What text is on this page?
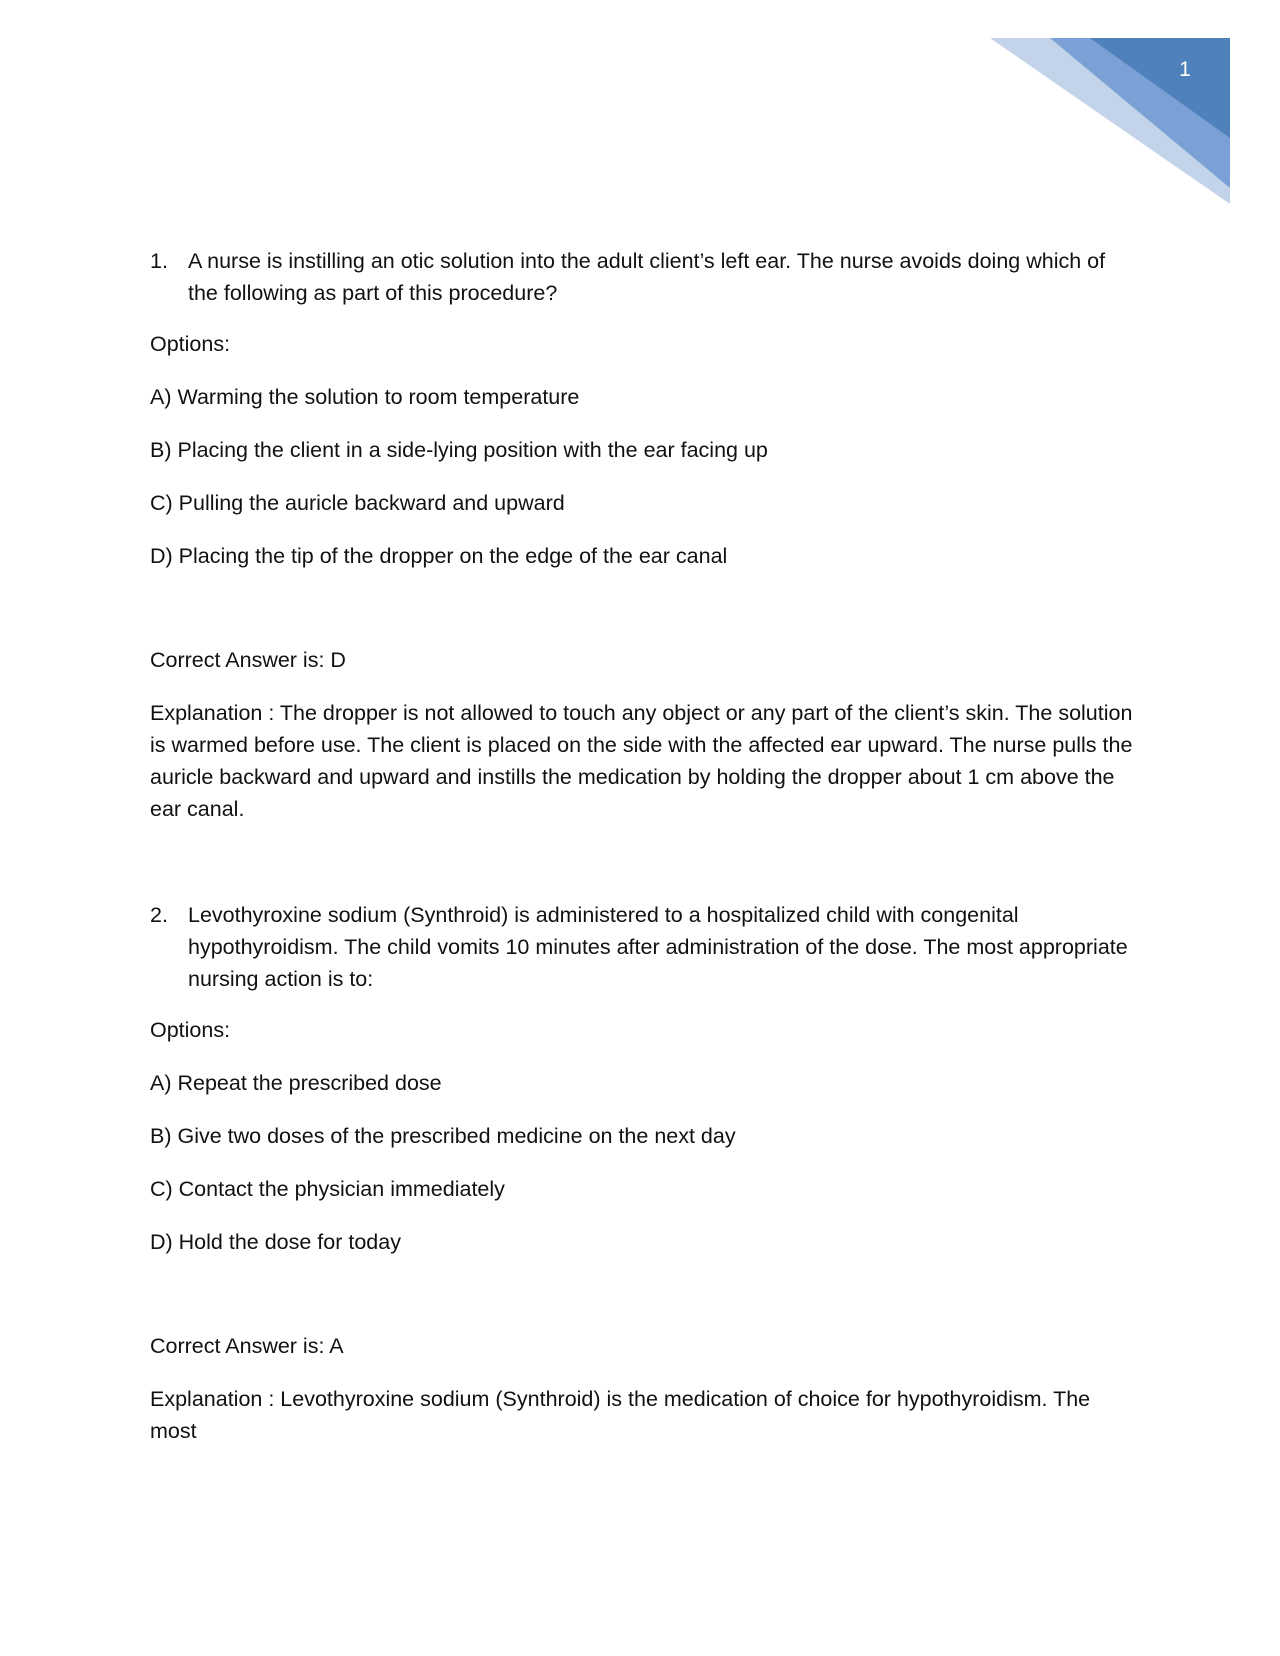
1

1. A nurse is instilling an otic solution into the adult client’s left ear. The nurse avoids doing which of the following as part of this procedure?

Options:

A) Warming the solution to room temperature

B) Placing the client in a side-lying position with the ear facing up

C) Pulling the auricle backward and upward

D) Placing the tip of the dropper on the edge of the ear canal

Correct Answer is: D

Explanation : The dropper is not allowed to touch any object or any part of the client’s skin. The solution is warmed before use. The client is placed on the side with the affected ear upward. The nurse pulls the auricle backward and upward and instills the medication by holding the dropper about 1 cm above the ear canal.

2. Levothyroxine sodium (Synthroid) is administered to a hospitalized child with congenital hypothyroidism. The child vomits 10 minutes after administration of the dose. The most appropriate nursing action is to:

Options:

A) Repeat the prescribed dose

B) Give two doses of the prescribed medicine on the next day

C) Contact the physician immediately

D) Hold the dose for today

Correct Answer is: A

Explanation : Levothyroxine sodium (Synthroid) is the medication of choice for hypothyroidism. The most
